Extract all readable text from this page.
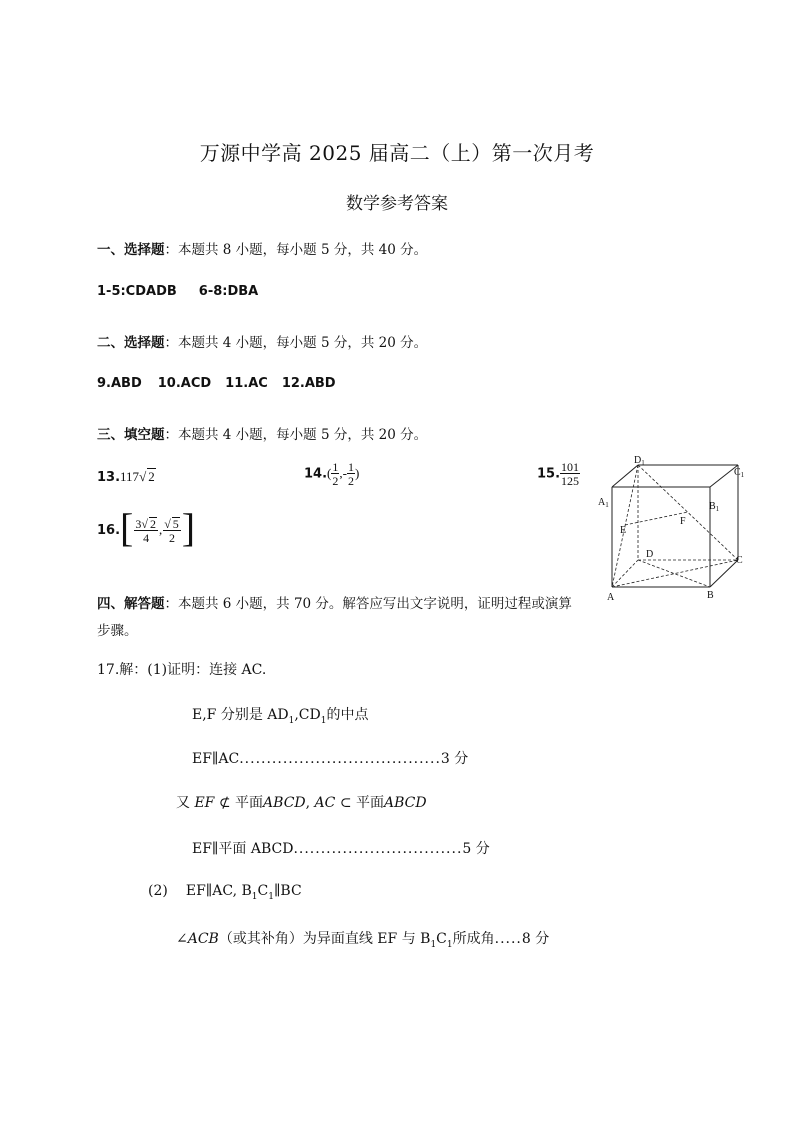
万源中学高 2025 届高二（上）第一次月考
数学参考答案
一、选择题：本题共 8 小题，每小题 5 分，共 40 分。
1-5:CDADB 6-8:DBA
二、选择题：本题共 4 小题，每小题 5 分，共 20 分。
9.ABD 10.ACD 11.AC 12.ABD
三、填空题：本题共 4 小题，每小题 5 分，共 20 分。
13.117√ 2	$14.( \frac{1}{2}$ ,- $\frac{1}{2}$ )	15. $\frac{101}{125}$
16. [ $\frac{3√ 2}{4}$ , $\frac{√ 5}{2}$ ]
四、解答题：本题共 6 小题，共 70 分。解答应写出文字说明，证明过程或演算
步骤。
17.解：(1)证明：连接 AC.
E,F 分别是 $AD_1,CD_1$的中点
EF∥AC.....................................3 分
又 EF ⊄ 平面ABCD, AC ⊂ 平面ABCD
EF∥平面 ABCD...............................5 分
(2) EF∥AC, $B_1C_1\parallel BC$
∠ACB（或其补角）为异面直线 EF 与 $B_1C_1$所成角.....8 分
$D_1$
$C_1$
$A_1$	$B_1$
E
F
D
C
A	B
